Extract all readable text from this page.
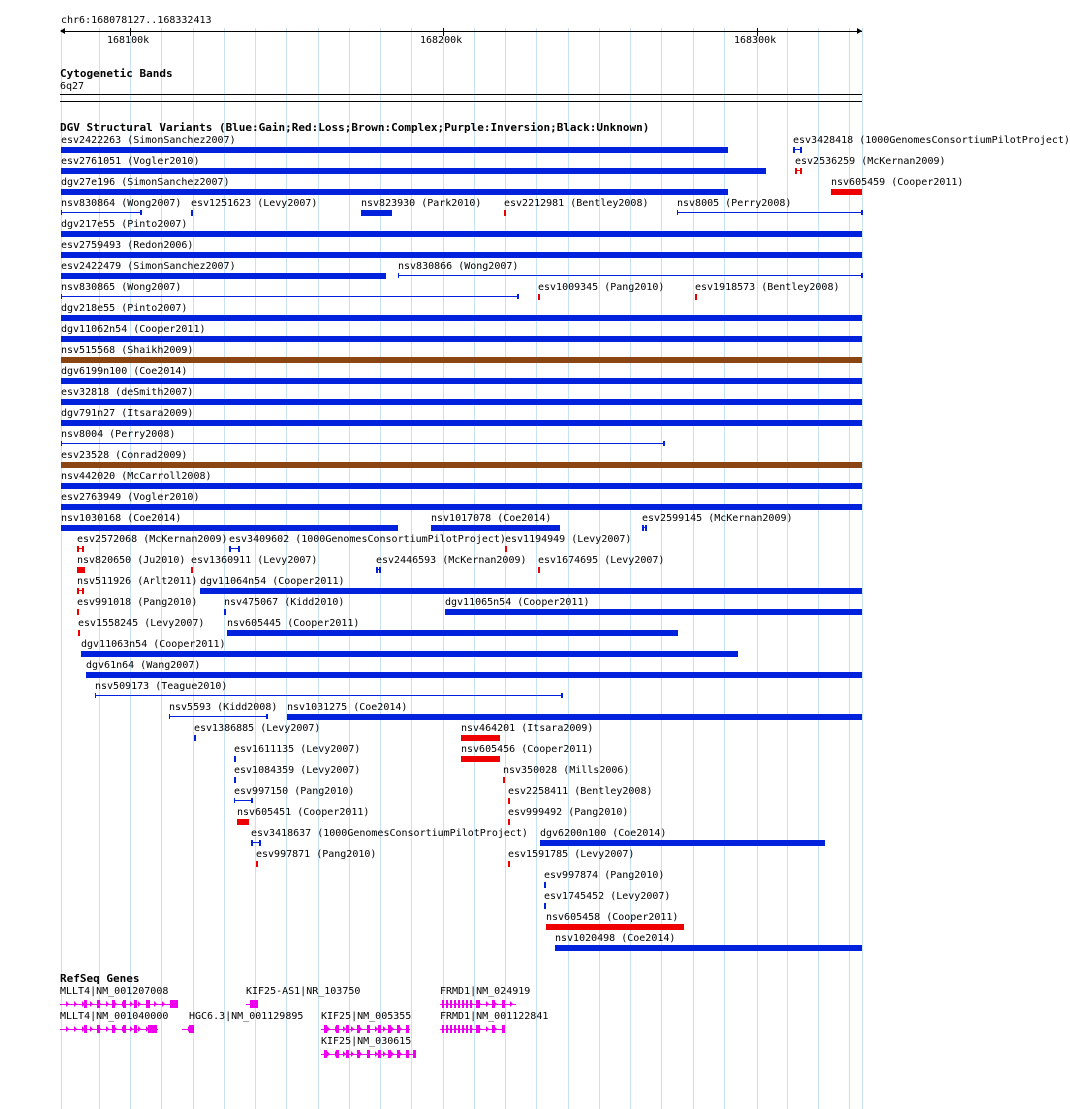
chr6:168078127..168332413
168100k	168200k	168300k
Cytogenetic Bands
6q27
DGV Structural Variants (Blue:Gain;Red:Loss;Brown:Complex;Purple:Inversion;Black:Unknown)
esv2422263 (SimonSanchez2007)	esv3428418 (1000GenomesConsortiumPilotProject)
esv2761051 (Vogler2010)	esv2536259 (McKernan2009)
dgv27e196 (SimonSanchez2007)	nsv605459 (Cooper2011)
nsv830864 (Wong2007) esv1251623 (Levy2007)	nsv823930 (Park2010) esv2212981 (Bentley2008)	nsv8005 (Perry2008)
dgv217e55 (Pinto2007)
esv2759493 (Redon2006)
esv2422479 (SimonSanchez2007)	nsv830866 (Wong2007)
nsv830865 (Wong2007)	esv1009345 (Pang2010)	esv1918573 (Bentley2008)
dgv218e55 (Pinto2007)
dgv11062n54 (Cooper2011)
nsv515568 (Shaikh2009)
dgv6199n100 (Coe2014)
esv32818 (deSmith2007)
dgv791n27 (Itsara2009)
nsv8004 (Perry2008)
esv23528 (Conrad2009)
nsv442020 (McCarroll2008)
esv2763949 (Vogler2010)
nsv1030168 (Coe2014)	nsv1017078 (Coe2014)	esv2599145 (McKernan2009)
esv2572068 (McKernan2009) esv3409602 (1000GenomesConsortiumPilotProject) esv1194949 (Levy2007)
nsv820650 (Ju2010) esv1360911 (Levy2007)	esv2446593 (McKernan2009) esv1674695 (Levy2007)
nsv511926 (Arlt2011) dgv11064n54 (Cooper2011)
esv991018 (Pang2010)	nsv475067 (Kidd2010)	dgv11065n54 (Cooper2011)
esv1558245 (Levy2007) nsv605445 (Cooper2011)
dgv11063n54 (Cooper2011)
dgv61n64 (Wang2007)
nsv509173 (Teague2010)
nsv5593 (Kidd2008) nsv1031275 (Coe2014)
esv1386885 (Levy2007)	nsv464201 (Itsara2009)
esv1611135 (Levy2007)	nsv605456 (Cooper2011)
esv1084359 (Levy2007)	nsv350028 (Mills2006)
esv997150 (Pang2010)	esv2258411 (Bentley2008)
nsv605451 (Cooper2011)	esv999492 (Pang2010)
esv3418637 (1000GenomesConsortiumPilotProject) dgv6200n100 (Coe2014)
esv997871 (Pang2010)	esv1591785 (Levy2007)
esv997874 (Pang2010)
esv1745452 (Levy2007)
nsv605458 (Cooper2011)
nsv1020498 (Coe2014)
RefSeq Genes
MLLT4|NM_001207008	KIF25-AS1|NR_103750	FRMD1|NM_024919
MLLT4|NM_001040000 HGC6.3|NM_001129895 KIF25|NM_005355	FRMD1|NM_001122841
KIF25|NM_030615
